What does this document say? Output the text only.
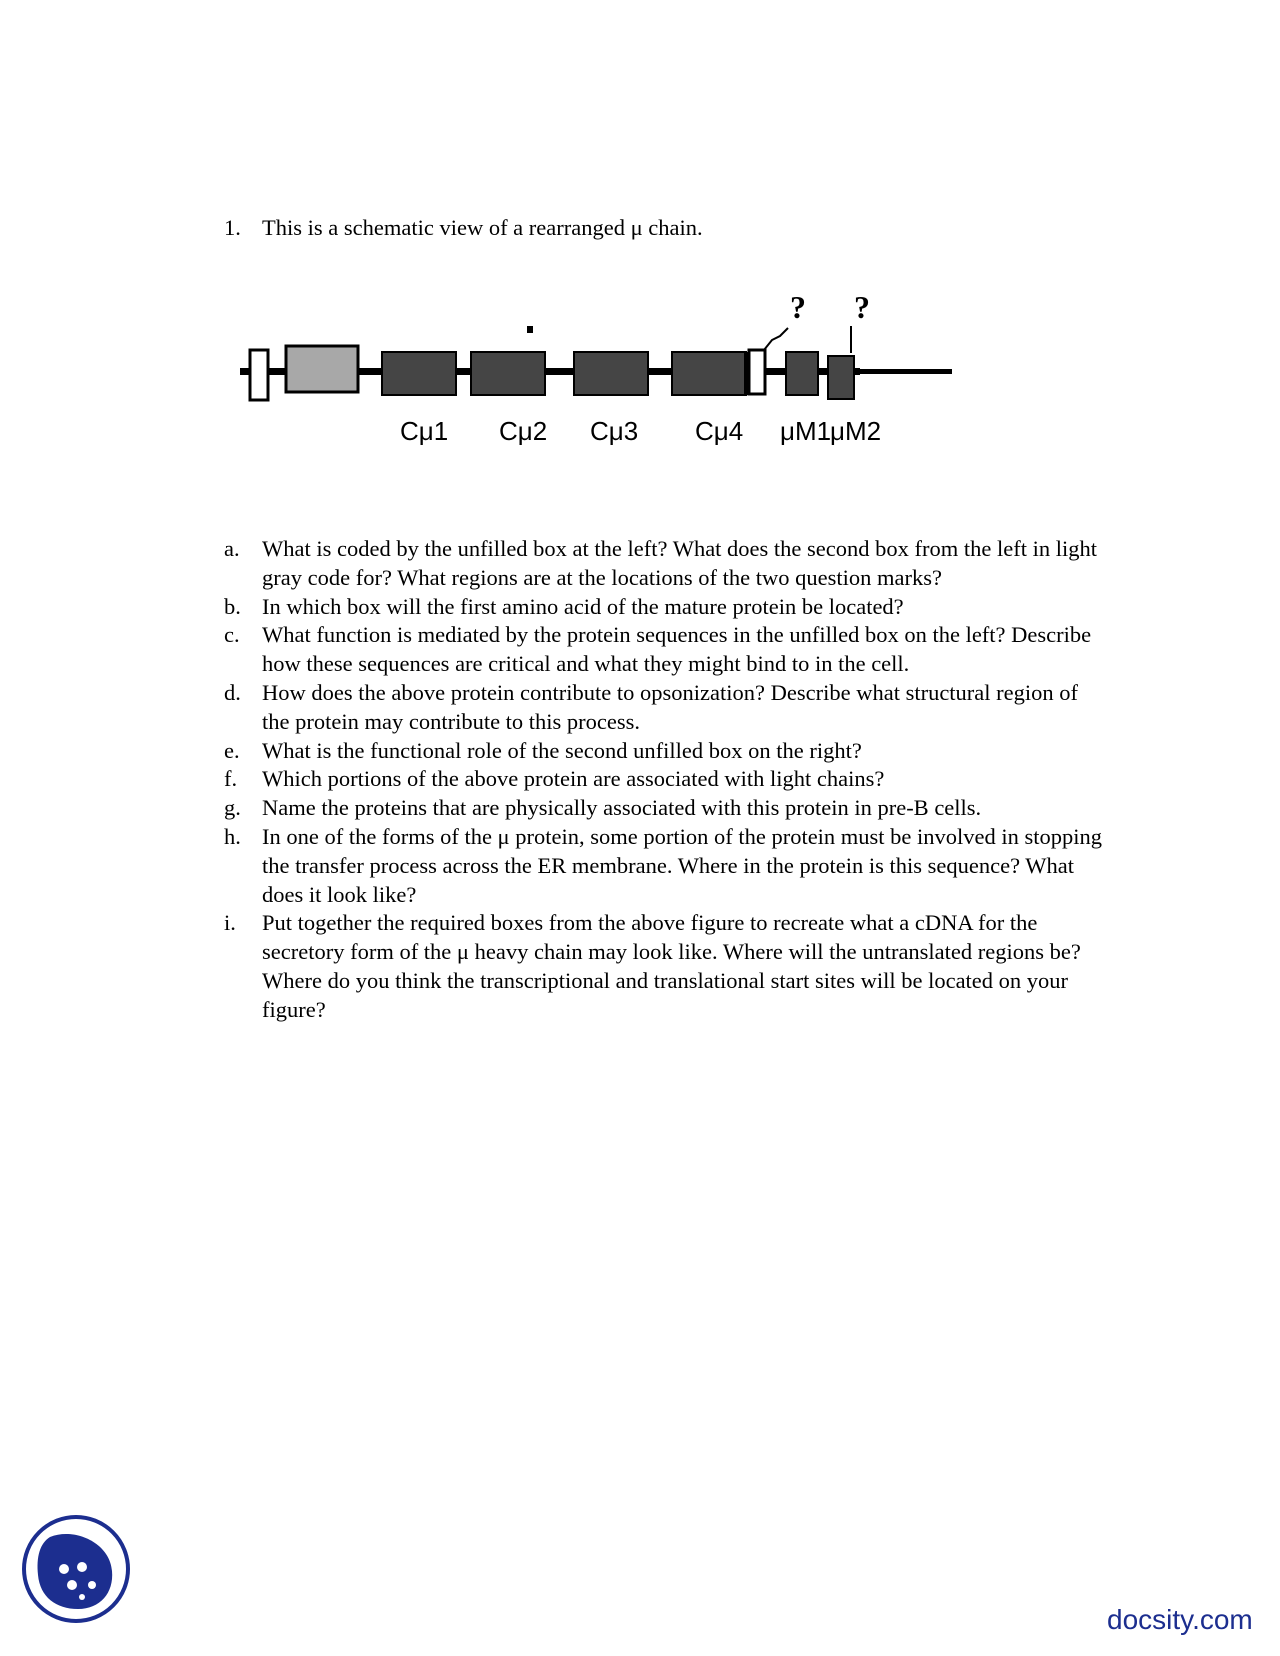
1. This is a schematic view of a rearranged μ chain.
? ?
Cμ1 Cμ2 Cμ3 Cμ4 μM1
μM2
a. What is coded by the unfilled box at the left? What does the second box from the left in light gray code for? What regions are at the locations of the two question marks?
b. In which box will the first amino acid of the mature protein be located?
c. What function is mediated by the protein sequences in the unfilled box on the left? Describe how these sequences are critical and what they might bind to in the cell.
d. How does the above protein contribute to opsonization? Describe what structural region of the protein may contribute to this process.
e. What is the functional role of the second unfilled box on the right?
f. Which portions of the above protein are associated with light chains?
g. Name the proteins that are physically associated with this protein in pre-B cells.
h. In one of the forms of the μ protein, some portion of the protein must be involved in stopping the transfer process across the ER membrane. Where in the protein is this sequence? What does it look like?
i. Put together the required boxes from the above figure to recreate what a cDNA for the secretory form of the μ heavy chain may look like. Where will the untranslated regions be? Where do you think the transcriptional and translational start sites will be located on your figure?
docsity.com
